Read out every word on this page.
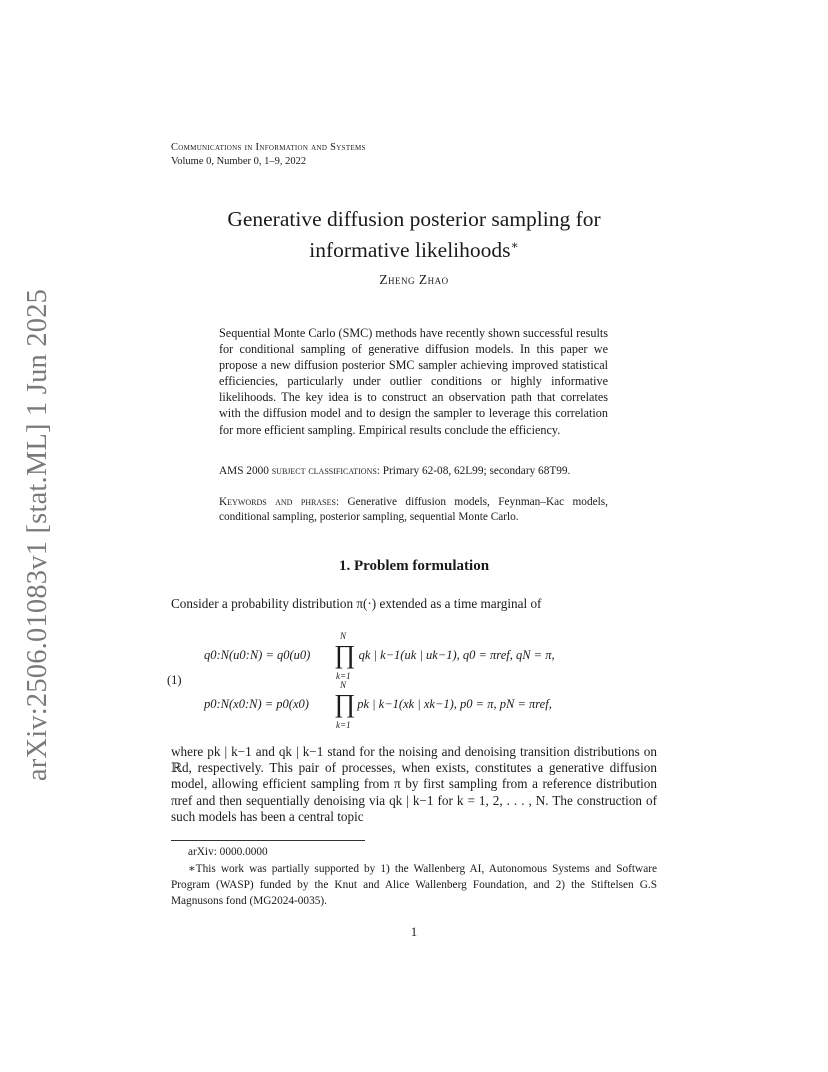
arXiv:2506.01083v1 [stat.ML] 1 Jun 2025
Communications in Information and Systems
Volume 0, Number 0, 1–9, 2022
Generative diffusion posterior sampling for
informative likelihoods∗
Zheng Zhao
Sequential Monte Carlo (SMC) methods have recently shown successful results for conditional sampling of generative diffusion models. In this paper we propose a new diffusion posterior SMC sampler achieving improved statistical efficiencies, particularly under outlier conditions or highly informative likelihoods. The key idea is to construct an observation path that correlates with the diffusion model and to design the sampler to leverage this correlation for more efficient sampling. Empirical results conclude the efficiency.
AMS 2000 subject classifications: Primary 62-08, 62L99; secondary 68T99.
Keywords and phrases: Generative diffusion models, Feynman–Kac models, conditional sampling, posterior sampling, sequential Monte Carlo.
1. Problem formulation
Consider a probability distribution π(·) extended as a time marginal of
(1)
q0:N(u0:N) = q0(u0)	qk | k−1(uk | uk−1), q0 = πref, qN = π,
N
∏
k=1
p0:N(x0:N) = p0(x0)	pk | k−1(xk | xk−1), p0 = π, pN = πref,
N
∏
k=1
where pk | k−1 and qk | k−1 stand for the noising and denoising transition distributions on ℝd, respectively. This pair of processes, when exists, constitutes a generative diffusion model, allowing efficient sampling from π by first sampling from a reference distribution πref and then sequentially denoising via qk | k−1 for k = 1, 2, . . . , N. The construction of such models has been a central topic
arXiv: 0000.0000
∗This work was partially supported by 1) the Wallenberg AI, Autonomous Systems and Software Program (WASP) funded by the Knut and Alice Wallenberg Foundation, and 2) the Stiftelsen G.S Magnusons fond (MG2024-0035).
1
